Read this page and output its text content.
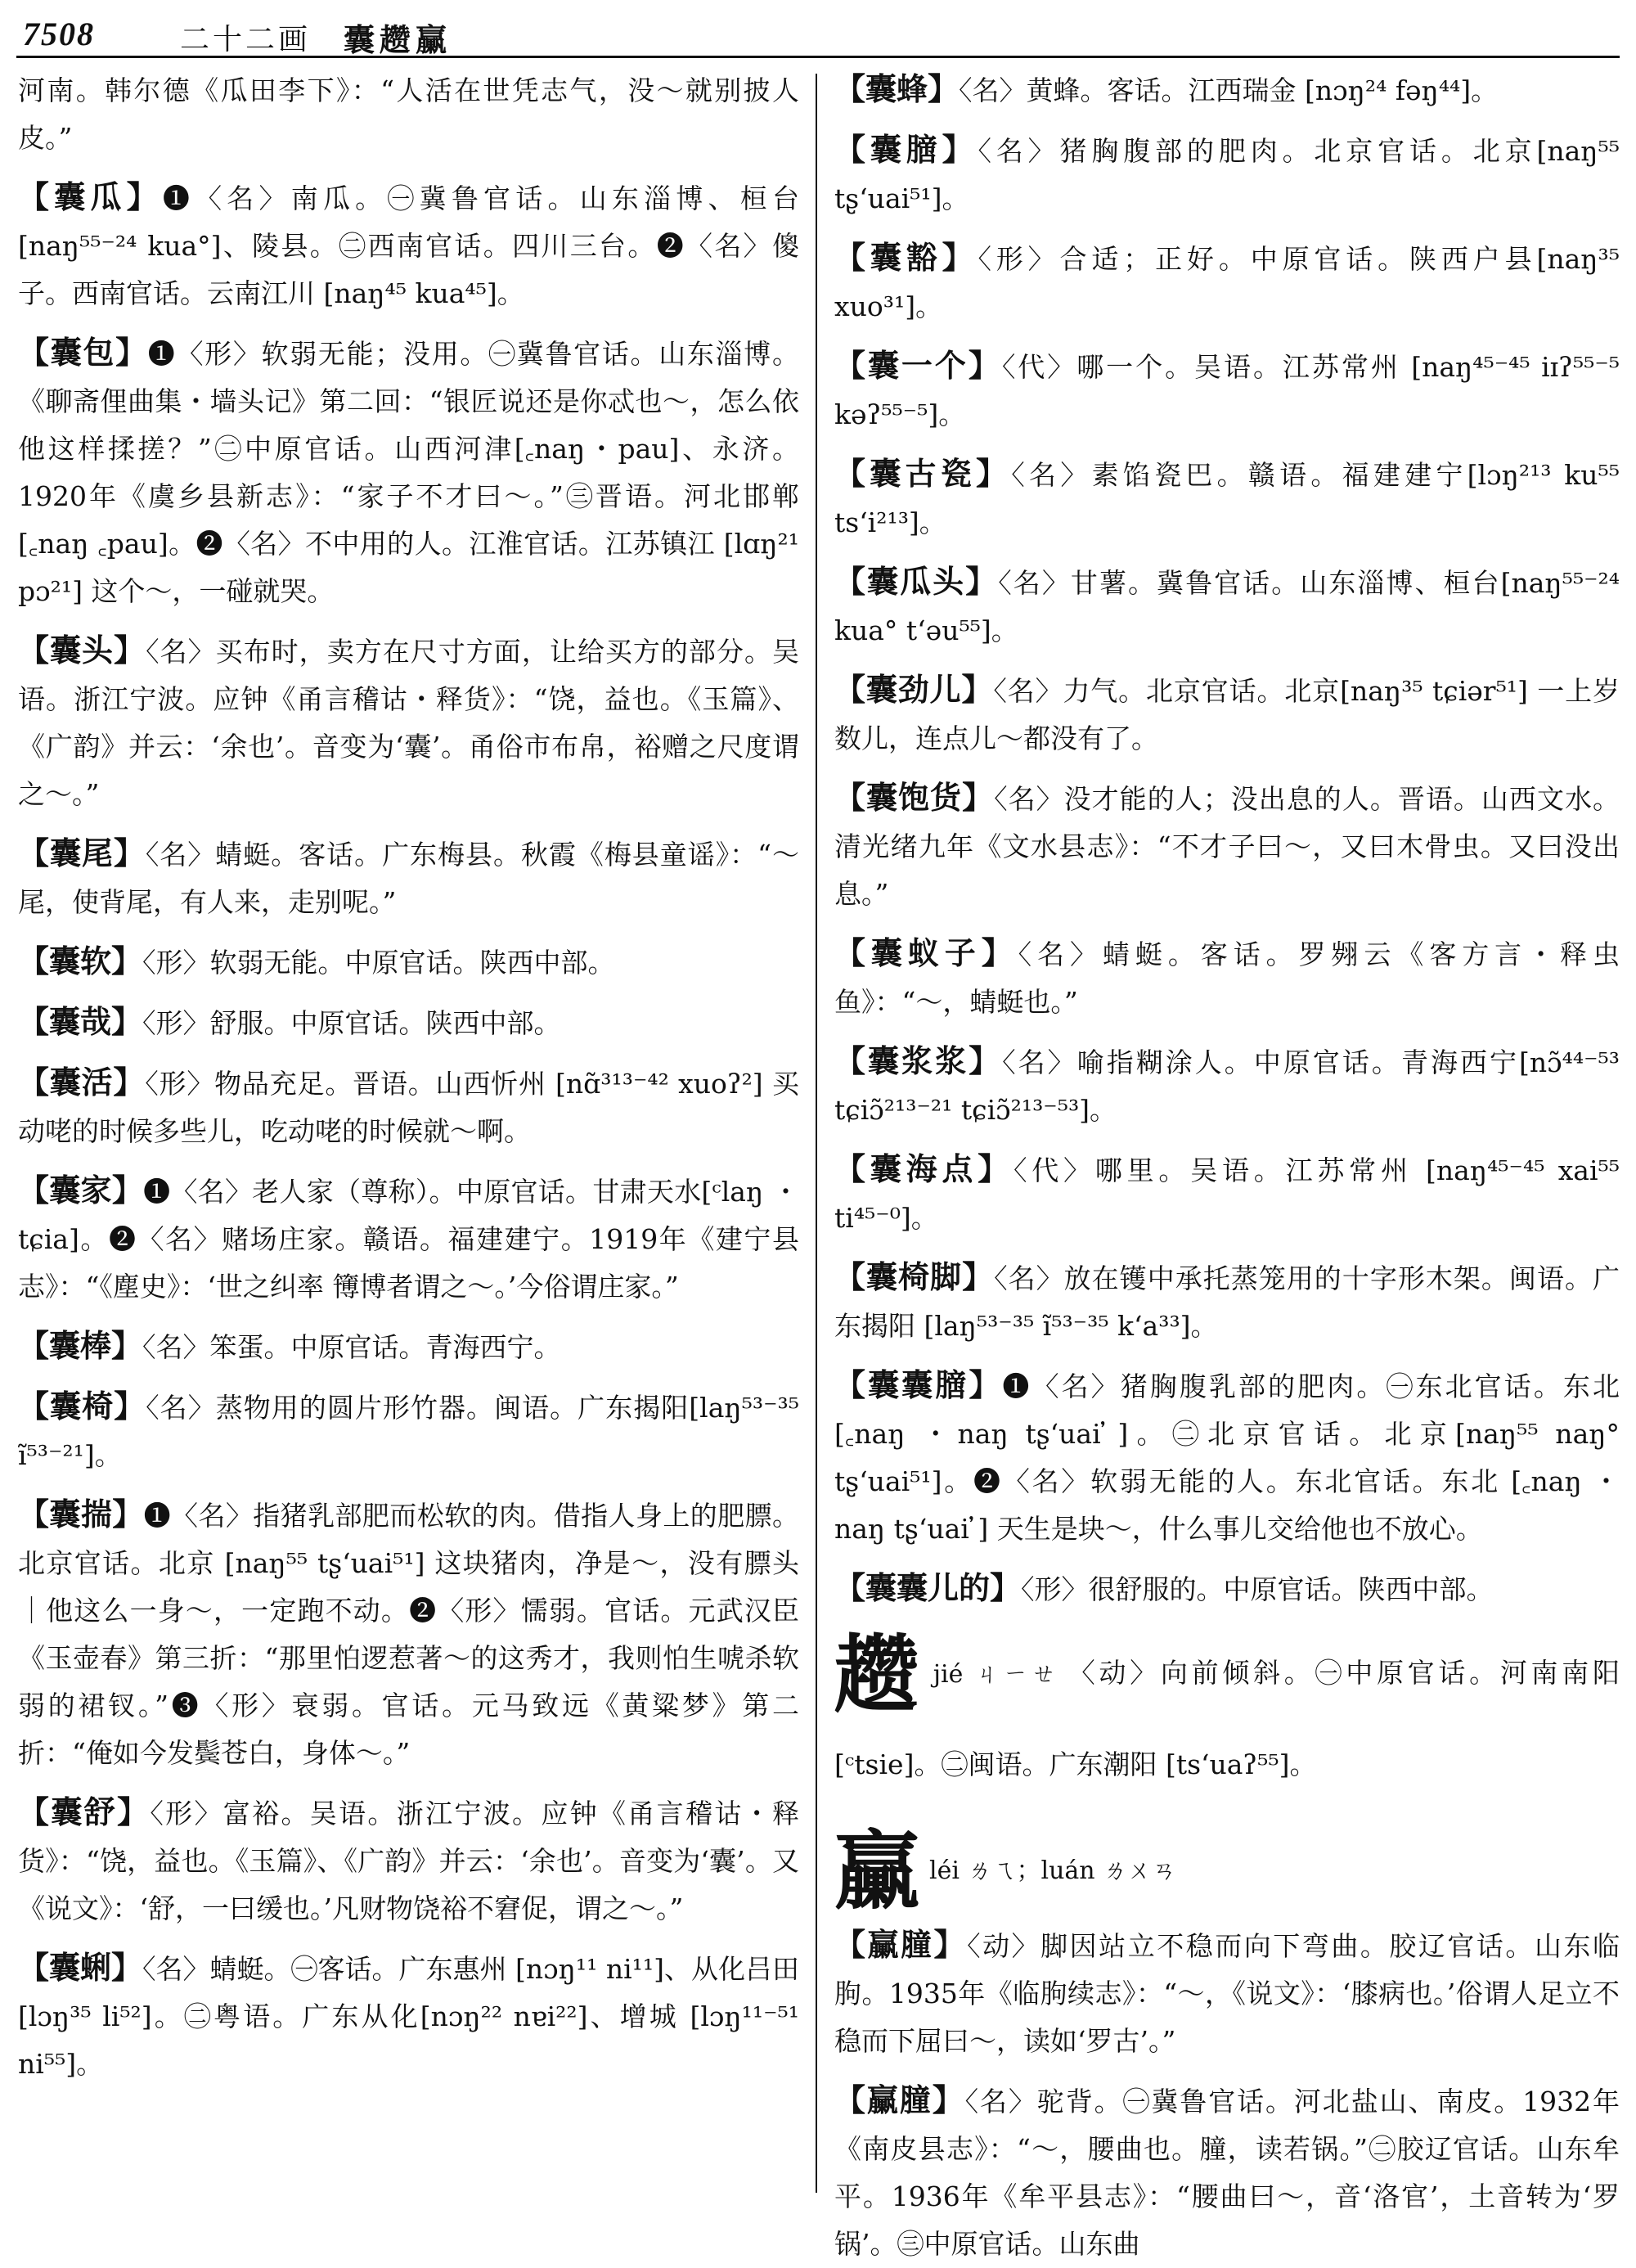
7508	二十二画 囊趱臝

河南。韩尔德《瓜田李下》：“人活在世凭志气，没～就别披人皮。”

【囊瓜】❶〈名〉南瓜。㊀冀鲁官话。山东淄博、桓台[naŋ⁵⁵⁻²⁴ kua°]、陵县。㊁西南官话。四川三台。❷〈名〉傻子。西南官话。云南江川 [naŋ⁴⁵ kua⁴⁵]。

【囊包】❶〈形〉软弱无能；没用。㊀冀鲁官话。山东淄博。《聊斋俚曲集・墙头记》第二回：“银匠说还是你忒也～，怎么依他这样揉搓？”㊁中原官话。山西河津[꜀naŋ・pau]、永济。1920年《虞乡县新志》：“家子不才曰～。”㊂晋语。河北邯郸 [꜀naŋ ꜀pau]。❷〈名〉不中用的人。江淮官话。江苏镇江 [lɑŋ²¹ pɔ²¹] 这个～，一碰就哭。

【囊头】〈名〉买布时，卖方在尺寸方面，让给买方的部分。吴语。浙江宁波。应钟《甬言稽诂・释货》：“饶，益也。《玉篇》、《广韵》并云：‘余也’。音变为‘囊’。甬俗市布帛，裕赠之尺度谓之～。”

【囊尾】〈名〉蜻蜓。客话。广东梅县。秋霞《梅县童谣》：“～尾，使背尾，有人来，走别呢。”

【囊软】〈形〉软弱无能。中原官话。陕西中部。

【囊哉】〈形〉舒服。中原官话。陕西中部。

【囊活】〈形〉物品充足。晋语。山西忻州 [nɑ̃³¹³⁻⁴² xuoʔ²] 买动咾的时候多些儿，吃动咾的时候就～啊。

【囊家】❶〈名〉老人家（尊称）。中原官话。甘肃天水[ᶜlaŋ ・tɕia]。❷〈名〉赌场庄家。赣语。福建建宁。1919年《建宁县志》：“《塵史》：‘世之纠率 簙博者谓之～。’今俗谓庄家。”

【囊棒】〈名〉笨蛋。中原官话。青海西宁。

【囊椅】〈名〉蒸物用的圆片形竹器。闽语。广东揭阳[laŋ⁵³⁻³⁵ ĩ⁵³⁻²¹]。

【囊揣】❶〈名〉指猪乳部肥而松软的肉。借指人身上的肥膘。北京官话。北京 [naŋ⁵⁵ tʂʻuai⁵¹] 这块猪肉，净是～，没有膘头｜他这么一身～，一定跑不动。❷〈形〉懦弱。官话。元武汉臣《玉壶春》第三折：“那里怕逻惹著～的这秀才，我则怕生唬杀软弱的裙钗。”❸〈形〉衰弱。官话。元马致远《黄粱梦》第二折：“俺如今发鬓苍白，身体～。”

【囊舒】〈形〉富裕。吴语。浙江宁波。应钟《甬言稽诂・释货》：“饶，益也。《玉篇》、《广韵》并云：‘余也’。音变为‘囊’。又《说文》：‘舒，一曰缓也。’凡财物饶裕不窘促，谓之～。”

【囊蜊】〈名〉蜻蜓。㊀客话。广东惠州 [nɔŋ¹¹ ni¹¹]、从化吕田 [lɔŋ³⁵ li⁵²]。㊁粤语。广东从化[nɔŋ²² nɐi²²]、增城 [lɔŋ¹¹⁻⁵¹ ni⁵⁵]。

【囊蜂】〈名〉黄蜂。客话。江西瑞金 [nɔŋ²⁴ fəŋ⁴⁴]。

【囊膪】〈名〉猪胸腹部的肥肉。北京官话。北京[naŋ⁵⁵ tʂʻuai⁵¹]。

【囊豁】〈形〉合适；正好。中原官话。陕西户县[naŋ³⁵ xuo³¹]。

【囊一个】〈代〉哪一个。吴语。江苏常州 [naŋ⁴⁵⁻⁴⁵ iɪʔ⁵⁵⁻⁵ kəʔ⁵⁵⁻⁵]。

【囊古瓷】〈名〉素馅瓷巴。赣语。福建建宁[lɔŋ²¹³ ku⁵⁵ tsʻi²¹³]。

【囊瓜头】〈名〉甘薯。冀鲁官话。山东淄博、桓台[naŋ⁵⁵⁻²⁴ kua° tʻəu⁵⁵]。

【囊劲儿】〈名〉力气。北京官话。北京[naŋ³⁵ tɕiər⁵¹] 一上岁数儿，连点儿～都没有了。

【囊饱货】〈名〉没才能的人；没出息的人。晋语。山西文水。清光绪九年《文水县志》：“不才子曰～，又曰木骨虫。又曰没出息。”

【囊蚁子】〈名〉蜻蜓。客话。罗翙云《客方言・释虫鱼》：“～，蜻蜓也。”

【囊浆浆】〈名〉喻指糊涂人。中原官话。青海西宁[nɔ̃⁴⁴⁻⁵³ tɕiɔ̃²¹³⁻²¹ tɕiɔ̃²¹³⁻⁵³]。

【囊海点】〈代〉哪里。吴语。江苏常州 [naŋ⁴⁵⁻⁴⁵ xai⁵⁵ ti⁴⁵⁻⁰]。

【囊椅脚】〈名〉放在镬中承托蒸笼用的十字形木架。闽语。广东揭阳 [laŋ⁵³⁻³⁵ ĩ⁵³⁻³⁵ kʻa³³]。

【囊囊膪】❶〈名〉猪胸腹乳部的肥肉。㊀东北官话。东北 [꜀naŋ ・naŋ tʂʻuai ̓]。㊁北京官话。北京[naŋ⁵⁵ naŋ° tʂʻuai⁵¹]。❷〈名〉软弱无能的人。东北官话。东北 [꜀naŋ ・naŋ tʂʻuai ̓] 天生是块～，什么事儿交给他也不放心。

【囊囊儿的】〈形〉很舒服的。中原官话。陕西中部。

趱jié ㄐㄧㄝ 〈动〉向前倾斜。㊀中原官话。河南南阳[ᶜtsie]。㊁闽语。广东潮阳 [tsʻuaʔ⁵⁵]。

臝léi ㄌㄟ；luán ㄌㄨㄢ

【臝膧】〈动〉脚因站立不稳而向下弯曲。胶辽官话。山东临朐。1935年《临朐续志》：“～，《说文》：‘膝病也。’俗谓人足立不稳而下屈曰～，读如‘罗古’。”

【臝膧】〈名〉驼背。㊀冀鲁官话。河北盐山、南皮。1932年《南皮县志》：“～，腰曲也。膧，读若锅。”㊁胶辽官话。山东牟平。1936年《牟平县志》：“腰曲曰～，音‘洛官’，土音转为‘罗锅’。㊂中原官话。山东曲
